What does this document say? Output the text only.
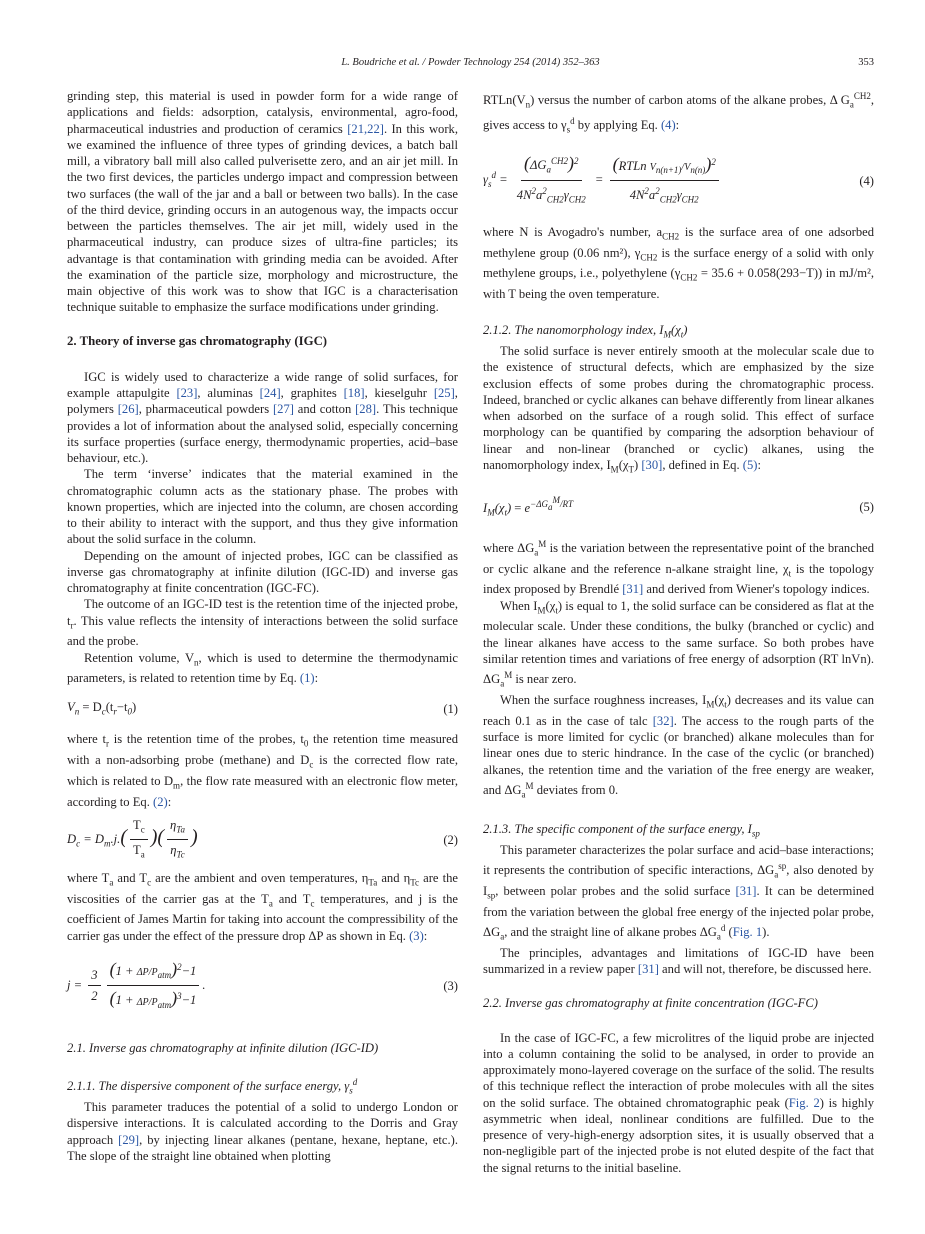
L. Boudriche et al. / Powder Technology 254 (2014) 352–363	353

grinding step, this material is used in powder form for a wide range of applications and fields: adsorption, catalysis, environmental, agro-food, pharmaceutical industries and production of ceramics [21,22]. In this work, we examined the influence of three types of grinding devices, a batch ball mill, a vibratory ball mill also called pulverisette zero, and an air jet mill. In the two first devices, the particles undergo impact and compression between two surfaces (the wall of the jar and a ball or between two balls). In the case of the third device, grinding occurs in an autogenous way, the impacts occur between the particles themselves. The air jet mill, widely used in the pharmaceutical industry, can produce sizes of ultra-fine particles; its advantage is that contamination with grinding media can be avoided. After the examination of the particle size, morphology and microstructure, the main objective of this work was to show that IGC is a characterisation technique suitable to emphasize the surface modifications under grinding.

2. Theory of inverse gas chromatography (IGC)

IGC is widely used to characterize a wide range of solid surfaces, for example attapulgite [23], aluminas [24], graphites [18], kieselguhr [25], polymers [26], pharmaceutical powders [27] and cotton [28]. This technique provides a lot of information about the analysed solid, especially concerning its surface properties (surface energy, thermodynamic properties, acid–base behaviour, etc.).

The term ‘inverse’ indicates that the material examined in the chromatographic column acts as the stationary phase. The probes with known properties, which are injected into the column, are chosen according to their ability to interact with the support, and thus they give information about the solid surface in the column.

Depending on the amount of injected probes, IGC can be classified as inverse gas chromatography at infinite dilution (IGC-ID) and inverse gas chromatography at finite concentration (IGC-FC).

The outcome of an IGC-ID test is the retention time of the injected probe, $t_r$. This value reflects the intensity of interactions between the solid surface and the probe.

Retention volume, $V_n$, which is used to determine the thermodynamic parameters, is related to retention time by Eq. (1):

$V_n = D_c(t_r-t_0)$	(1)

where $t_r$ is the retention time of the probes, $t_0$ the retention time measured with a non-adsorbing probe (methane) and $D_c$ is the corrected flow rate, which is related to $D_m$, the flow rate measured with an electronic flow meter, according to Eq. (2):

$D_c = D_m.j.( \frac{T_c}{T_a}$ )( $\frac{\eta_{Ta}}{\eta_{Tc}}$ )	(2)

where $T_a$ and $T_c$ are the ambient and oven temperatures, $\eta_{Ta}$ and $\eta_{Tc}$ are the viscosities of the carrier gas at the $T_a$ and $T_c$ temperatures, and j is the coefficient of James Martin for taking into account the compressibility of the carrier gas under the effect of the pressure drop ΔP as shown in Eq. (3):

$j = \frac{3}{2} \frac{(1 + \Delta P/P_{atm})^2-1}{(1 + \Delta P/P_{atm})^3-1}$ .	(3)
2.1. Inverse gas chromatography at infinite dilution (IGC-ID)
2.1.1. The dispersive component of the surface energy, $\gamma_s^d$

This parameter traduces the potential of a solid to undergo London or dispersive interactions. It is calculated according to the Dorris and Gray approach [29], by injecting linear alkanes (pentane, hexane, heptane, etc.). The slope of the straight line obtained when plotting

$RTLn(V_n)$ versus the number of carbon atoms of the alkane probes, Δ $G_a^{CH2}$, gives access to $\gamma_s^d$ by applying Eq. (4):

$\gamma_s^d = \frac{(\Delta G_a^{CH2})^2}{4N^2a^2_{CH2}\gamma_{CH2}} = \frac{(RTLn V_{n(n+1)}/V_{n(n)})^2}{4N^2a^2_{CH2}\gamma_{CH2}}$	(4)

where N is Avogadro's number, $a_{CH2}$ is the surface area of one adsorbed methylene group (0.06 nm²), $\gamma_{CH2}$ is the surface energy of a solid with only methylene groups, i.e., polyethylene $(\gamma_{CH2} = 35.6 + 0.058(293-T))$ in mJ/m², with T being the oven temperature.

2.1.2. The nanomorphology index, $I_M(\chi_t)$

The solid surface is never entirely smooth at the molecular scale due to the existence of structural defects, which are emphasized by the size exclusion effects of some probes during the chromatographic process. Indeed, branched or cyclic alkanes can behave differently from linear alkanes when adsorbed on the surface of a rough solid. This effect of surface morphology can be quantified by comparing the adsorption behaviour of linear and non-linear (branched or cyclic) alkanes, using the nanomorphology index, $I_M(\chi_T)$ [30], defined in Eq. (5):

$I_M(\chi_t) = e^{-\Delta G_a^M/RT}$	(5)

where $\Delta G_a^M$ is the variation between the representative point of the branched or cyclic alkane and the reference n-alkane straight line, $\chi_t$ is the topology index proposed by Brendlé [31] and derived from Wiener's topology indices.

When $I_M(\chi_t)$ is equal to 1, the solid surface can be considered as flat at the molecular scale. Under these conditions, the bulky (branched or cyclic) and the linear alkanes have access to the same surface. So both probes have similar retention times and variations of free energy of adsorption (RT lnVn). $\Delta G_a^M$ is near zero.

When the surface roughness increases, $I_M(\chi_t)$ decreases and its value can reach 0.1 as in the case of talc [32]. The access to the rough parts of the surface is more limited for cyclic (or branched) alkane molecules than for linear ones due to steric hindrance. In the case of the cyclic (or branched) alkanes, the retention time and the variation of the free energy are weaker, and $\Delta G_a^M$ deviates from 0.

2.1.3. The specific component of the surface energy, $I_{sp}$

This parameter characterizes the polar surface and acid–base interactions; it represents the contribution of specific interactions, $\Delta G_a^{sp}$, also denoted by $I_{sp}$, between polar probes and the solid surface [31]. It can be determined from the variation between the global free energy of the injected polar probe, $\Delta G_a$, and the straight line of alkane probes $\Delta G_a^d$ (Fig. 1).

The principles, advantages and limitations of IGC-ID have been summarized in a review paper [31] and will not, therefore, be discussed here.

2.2. Inverse gas chromatography at finite concentration (IGC-FC)

In the case of IGC-FC, a few microlitres of the liquid probe are injected into a column containing the solid to be analysed, in order to provide an approximately mono-layered coverage on the surface of the solid. The results of this technique reflect the interaction of probe molecules with all the sites on the solid surface. The obtained chromatographic peak (Fig. 2) is highly asymmetric when ideal, nonlinear conditions are fulfilled. Due to the presence of very-high-energy adsorption sites, it is usually observed that a non-negligible part of the injected probe is not eluted despite of the fact that the signal returns to the initial baseline.
